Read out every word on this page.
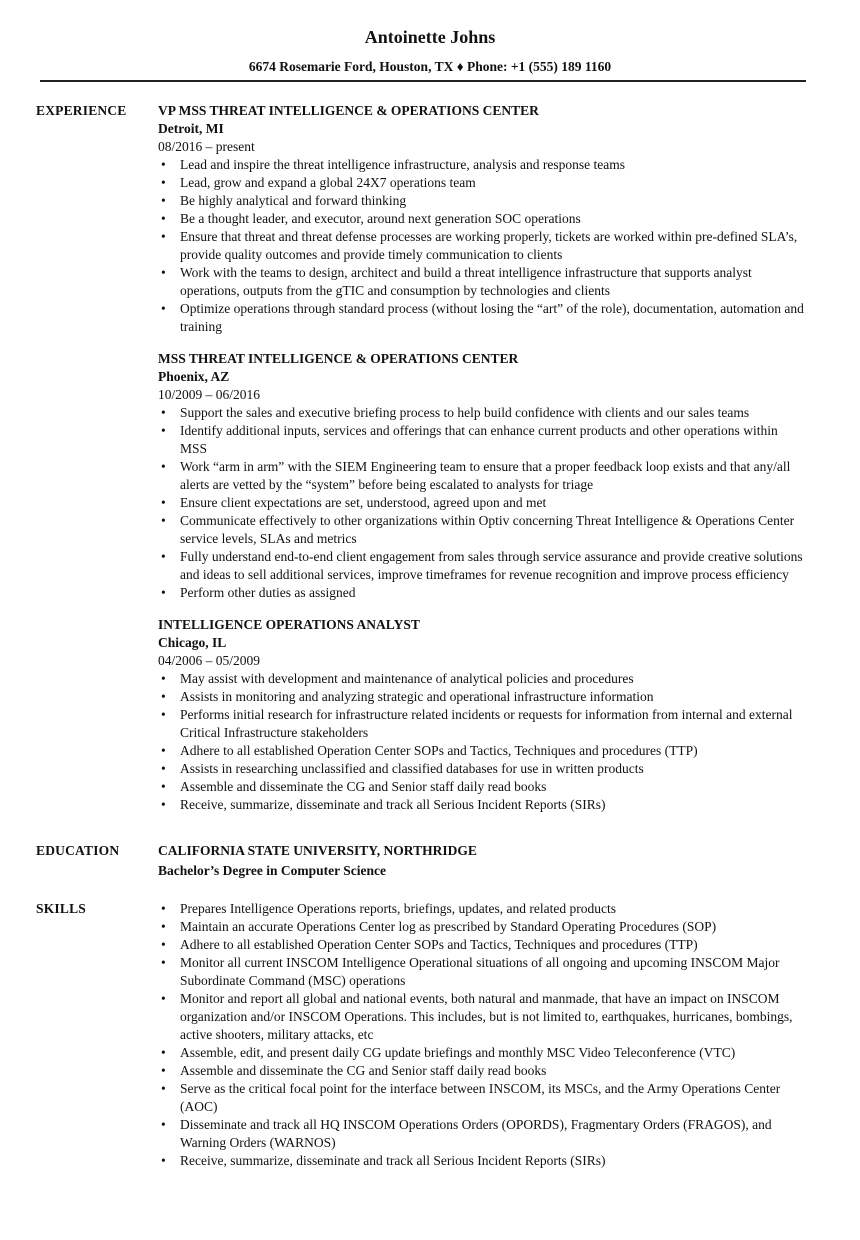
Antoinette Johns
6674 Rosemarie Ford, Houston, TX ♦ Phone: +1 (555) 189 1160
EXPERIENCE VP MSS THREAT INTELLIGENCE & OPERATIONS CENTER
Detroit, MI
08/2016 – present
• Lead and inspire the threat intelligence infrastructure, analysis and response teams
• Lead, grow and expand a global 24X7 operations team
• Be highly analytical and forward thinking
• Be a thought leader, and executor, around next generation SOC operations
• Ensure that threat and threat defense processes are working properly, tickets are worked within pre-defined SLA’s, provide quality outcomes and provide timely communication to clients
• Work with the teams to design, architect and build a threat intelligence infrastructure that supports analyst operations, outputs from the gTIC and consumption by technologies and clients
• Optimize operations through standard process (without losing the “art” of the role), documentation, automation and training
MSS THREAT INTELLIGENCE & OPERATIONS CENTER
Phoenix, AZ
10/2009 – 06/2016
• Support the sales and executive briefing process to help build confidence with clients and our sales teams
• Identify additional inputs, services and offerings that can enhance current products and other operations within MSS
• Work “arm in arm” with the SIEM Engineering team to ensure that a proper feedback loop exists and that any/all alerts are vetted by the “system” before being escalated to analysts for triage
• Ensure client expectations are set, understood, agreed upon and met
• Communicate effectively to other organizations within Optiv concerning Threat Intelligence & Operations Center service levels, SLAs and metrics
• Fully understand end-to-end client engagement from sales through service assurance and provide creative solutions and ideas to sell additional services, improve timeframes for revenue recognition and improve process efficiency
• Perform other duties as assigned
INTELLIGENCE OPERATIONS ANALYST
Chicago, IL
04/2006 – 05/2009
• May assist with development and maintenance of analytical policies and procedures
• Assists in monitoring and analyzing strategic and operational infrastructure information
• Performs initial research for infrastructure related incidents or requests for information from internal and external Critical Infrastructure stakeholders
• Adhere to all established Operation Center SOPs and Tactics, Techniques and procedures (TTP)
• Assists in researching unclassified and classified databases for use in written products
• Assemble and disseminate the CG and Senior staff daily read books
• Receive, summarize, disseminate and track all Serious Incident Reports (SIRs)
EDUCATION	CALIFORNIA STATE UNIVERSITY, NORTHRIDGE
Bachelor’s Degree in Computer Science
SKILLS	• Prepares Intelligence Operations reports, briefings, updates, and related products
• Maintain an accurate Operations Center log as prescribed by Standard Operating Procedures (SOP)
• Adhere to all established Operation Center SOPs and Tactics, Techniques and procedures (TTP)
• Monitor all current INSCOM Intelligence Operational situations of all ongoing and upcoming INSCOM Major Subordinate Command (MSC) operations
• Monitor and report all global and national events, both natural and manmade, that have an impact on INSCOM organization and/or INSCOM Operations. This includes, but is not limited to, earthquakes, hurricanes, bombings, active shooters, military attacks, etc
• Assemble, edit, and present daily CG update briefings and monthly MSC Video Teleconference (VTC)
• Assemble and disseminate the CG and Senior staff daily read books
• Serve as the critical focal point for the interface between INSCOM, its MSCs, and the Army Operations Center (AOC)
• Disseminate and track all HQ INSCOM Operations Orders (OPORDS), Fragmentary Orders (FRAGOS), and Warning Orders (WARNOS)
• Receive, summarize, disseminate and track all Serious Incident Reports (SIRs)
